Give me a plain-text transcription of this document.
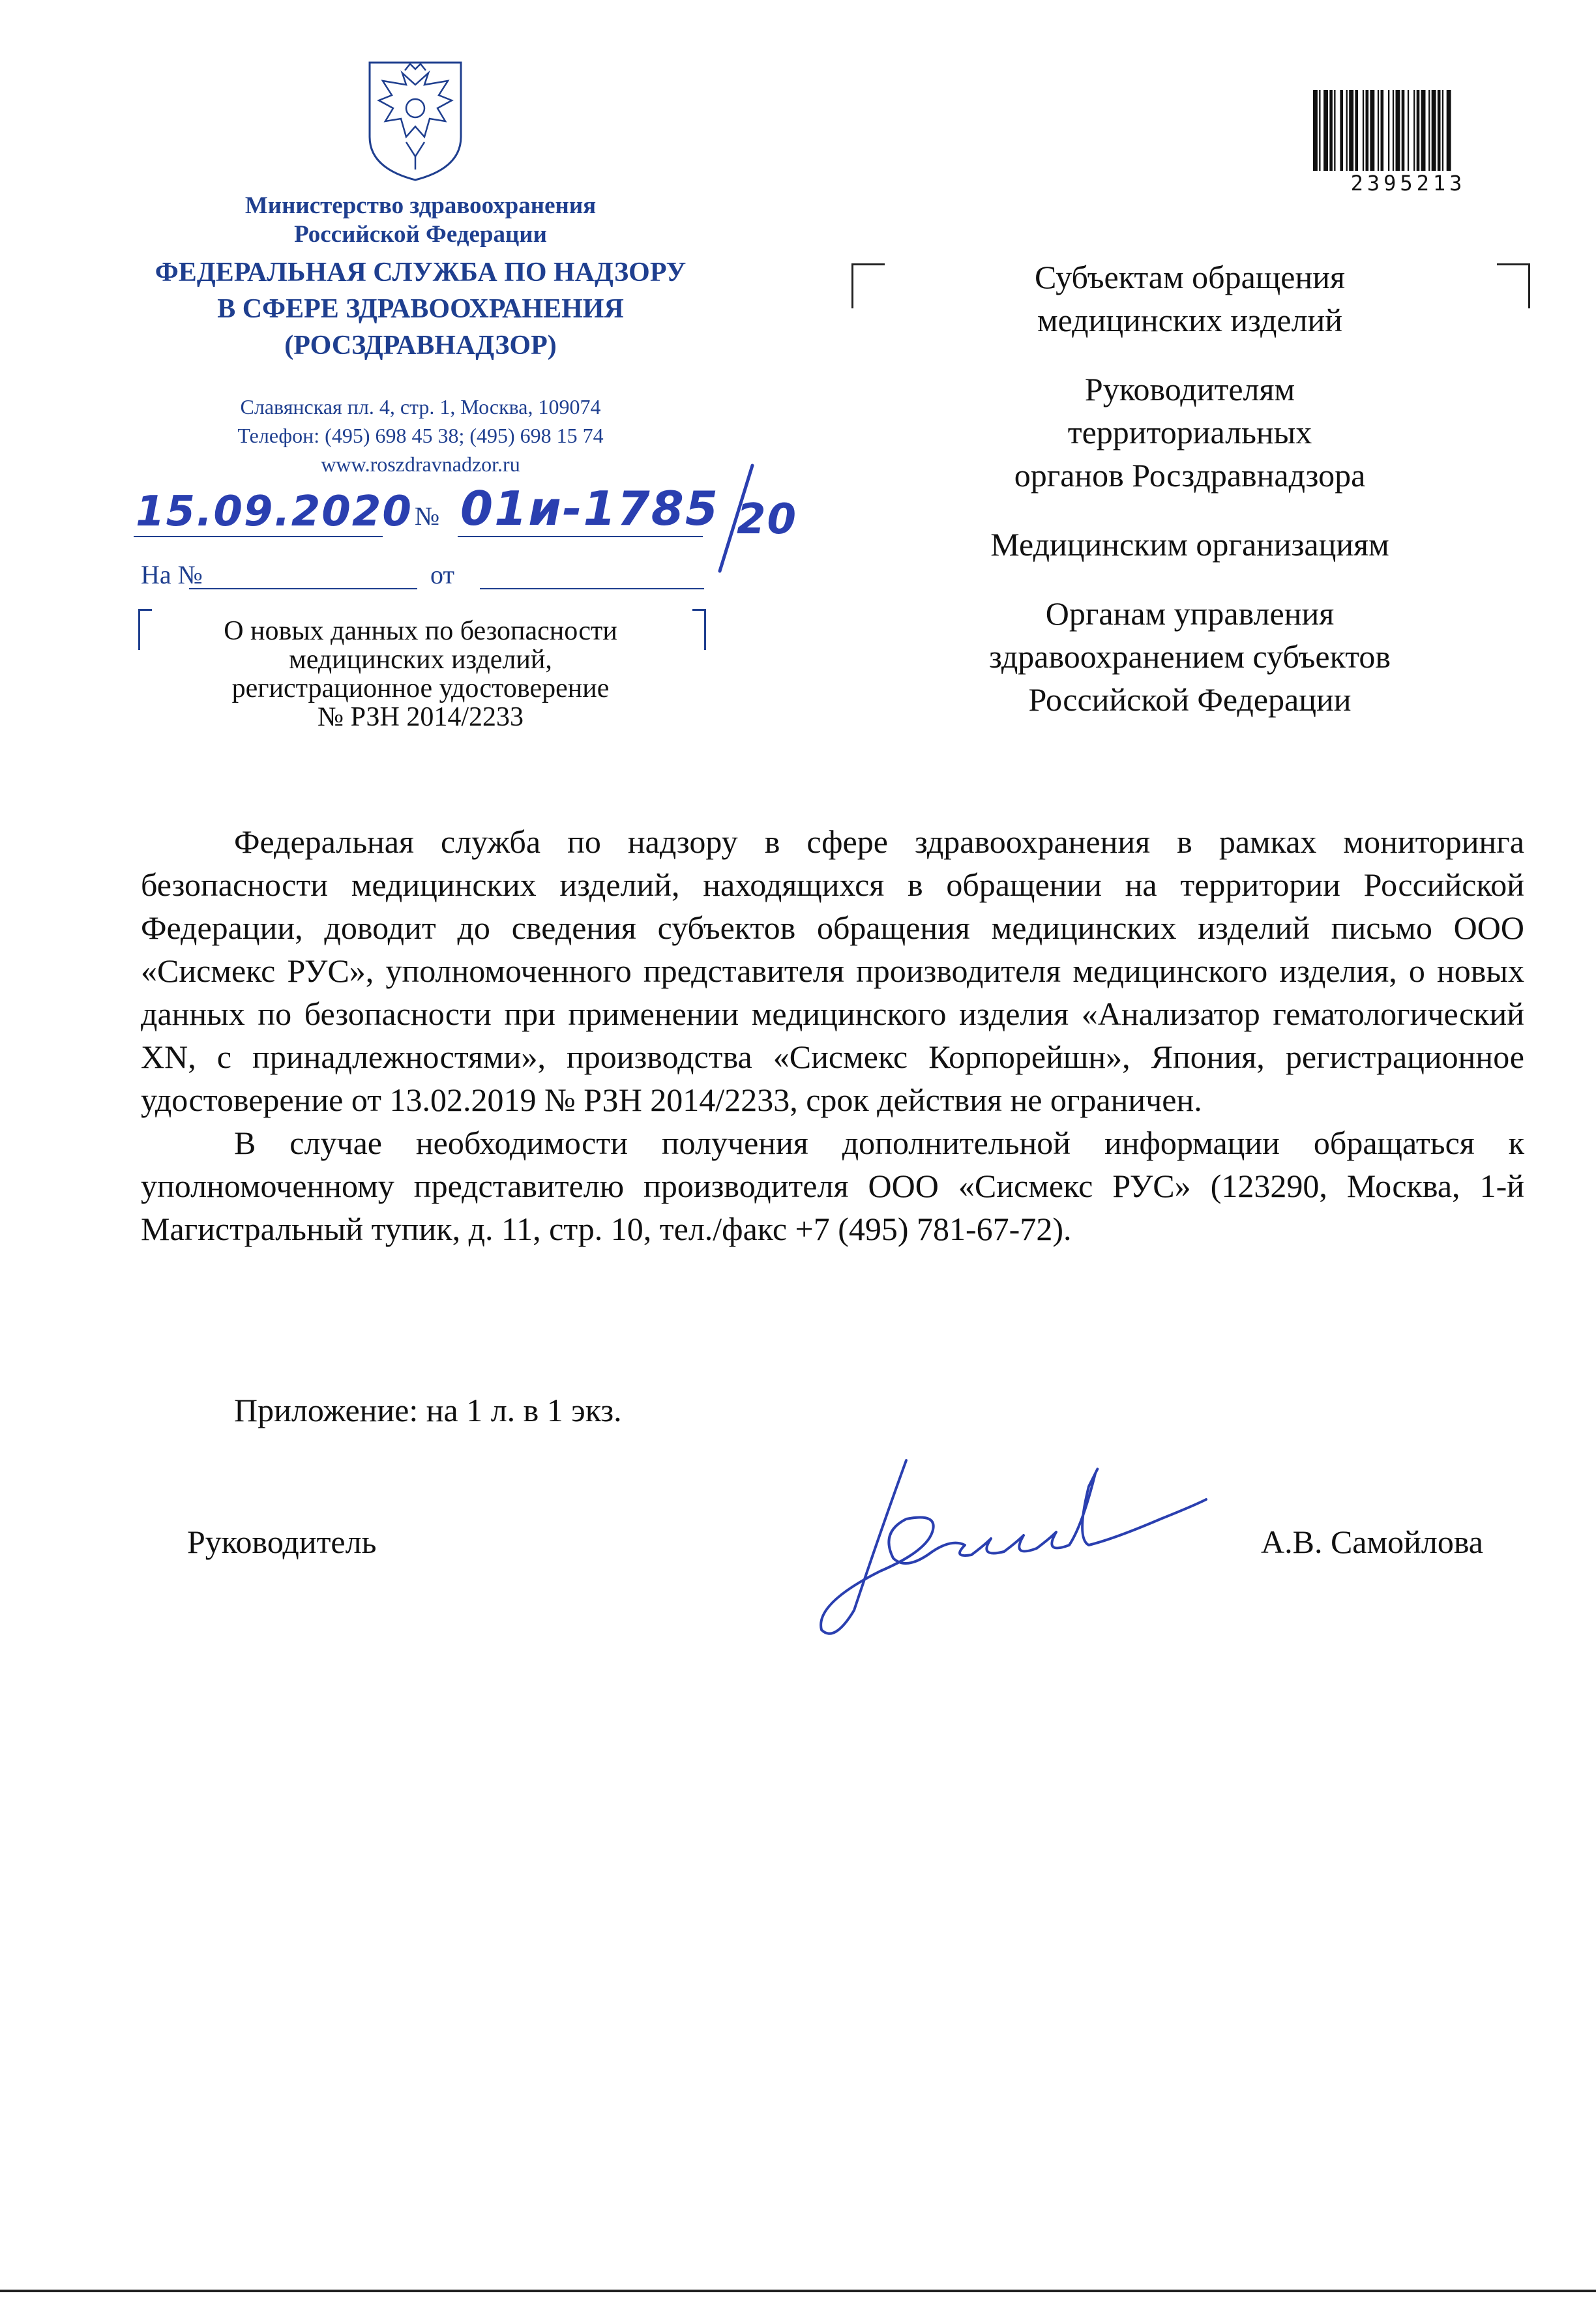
Министерство здравоохранения
Российской Федерации
ФЕДЕРАЛЬНАЯ СЛУЖБА ПО НАДЗОРУ
В СФЕРЕ ЗДРАВООХРАНЕНИЯ
(РОСЗДРАВНАДЗОР)
Славянская пл. 4, стр. 1, Москва, 109074
Телефон: (495) 698 45 38; (495) 698 15 74
www.roszdravnadzor.ru
15.09.2020 № 01и-1785 20
На №	от
О новых данных по безопасности
медицинских изделий,
регистрационное удостоверение
№ РЗН 2014/2233
2395213
Субъектам обращения
медицинских изделий
Руководителям
территориальных
органов Росздравнадзора
Медицинским организациям
Органам управления
здравоохранением субъектов
Российской Федерации

Федеральная служба по надзору в сфере здравоохранения в рамках мониторинга безопасности медицинских изделий, находящихся в обращении на территории Российской Федерации, доводит до сведения субъектов обращения медицинских изделий письмо ООО «Сисмекс РУС», уполномоченного представителя производителя медицинского изделия, о новых данных по безопасности при применении медицинского изделия «Анализатор гематологический XN, с принадлежностями», производства «Сисмекс Корпорейшн», Япония, регистрационное удостоверение от 13.02.2019 № РЗН 2014/2233, срок действия не ограничен.

В случае необходимости получения дополнительной информации обращаться к уполномоченному представителю производителя ООО «Сисмекс РУС» (123290, Москва, 1-й Магистральный тупик, д. 11, стр. 10, тел./факс +7 (495) 781-67-72).

Приложение: на 1 л. в 1 экз.
Руководитель	А.В. Самойлова
